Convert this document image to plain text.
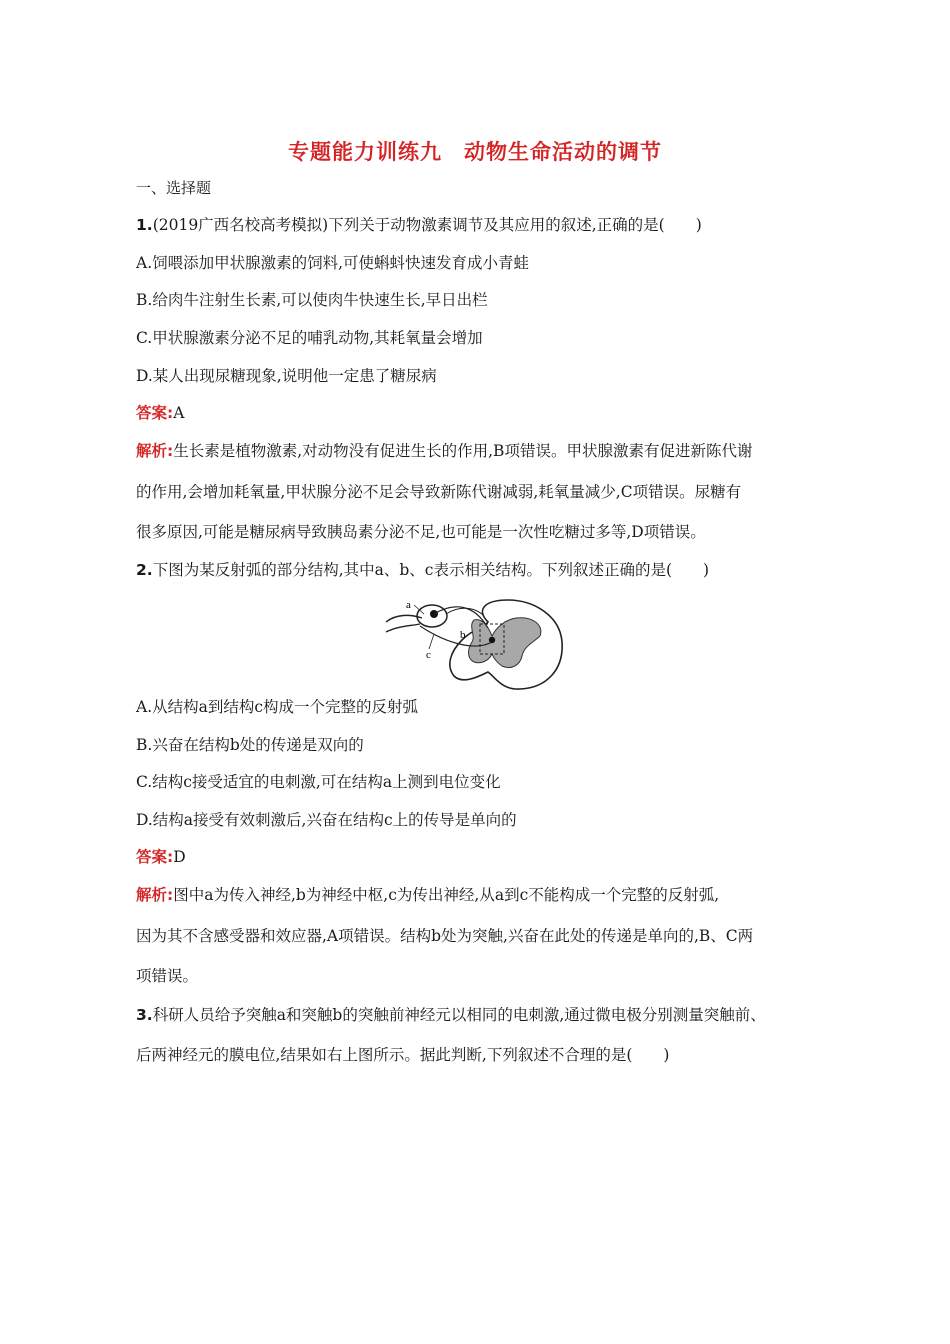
专题能力训练九　动物生命活动的调节
一、选择题
1.(2019广西名校高考模拟)下列关于动物激素调节及其应用的叙述,正确的是(　　)
A.饲喂添加甲状腺激素的饲料,可使蝌蚪快速发育成小青蛙
B.给肉牛注射生长素,可以使肉牛快速生长,早日出栏
C.甲状腺激素分泌不足的哺乳动物,其耗氧量会增加
D.某人出现尿糖现象,说明他一定患了糖尿病
答案:A
解析:生长素是植物激素,对动物没有促进生长的作用,B项错误。甲状腺激素有促进新陈代谢
的作用,会增加耗氧量,甲状腺分泌不足会导致新陈代谢减弱,耗氧量减少,C项错误。尿糖有
很多原因,可能是糖尿病导致胰岛素分泌不足,也可能是一次性吃糖过多等,D项错误。
2.下图为某反射弧的部分结构,其中a、b、c表示相关结构。下列叙述正确的是(　　)
a
b
c
A.从结构a到结构c构成一个完整的反射弧
B.兴奋在结构b处的传递是双向的
C.结构c接受适宜的电刺激,可在结构a上测到电位变化
D.结构a接受有效刺激后,兴奋在结构c上的传导是单向的
答案:D
解析:图中a为传入神经,b为神经中枢,c为传出神经,从a到c不能构成一个完整的反射弧,
因为其不含感受器和效应器,A项错误。结构b处为突触,兴奋在此处的传递是单向的,B、C两
项错误。
3.科研人员给予突触a和突触b的突触前神经元以相同的电刺激,通过微电极分别测量突触前、
后两神经元的膜电位,结果如右上图所示。据此判断,下列叙述不合理的是(　　)
